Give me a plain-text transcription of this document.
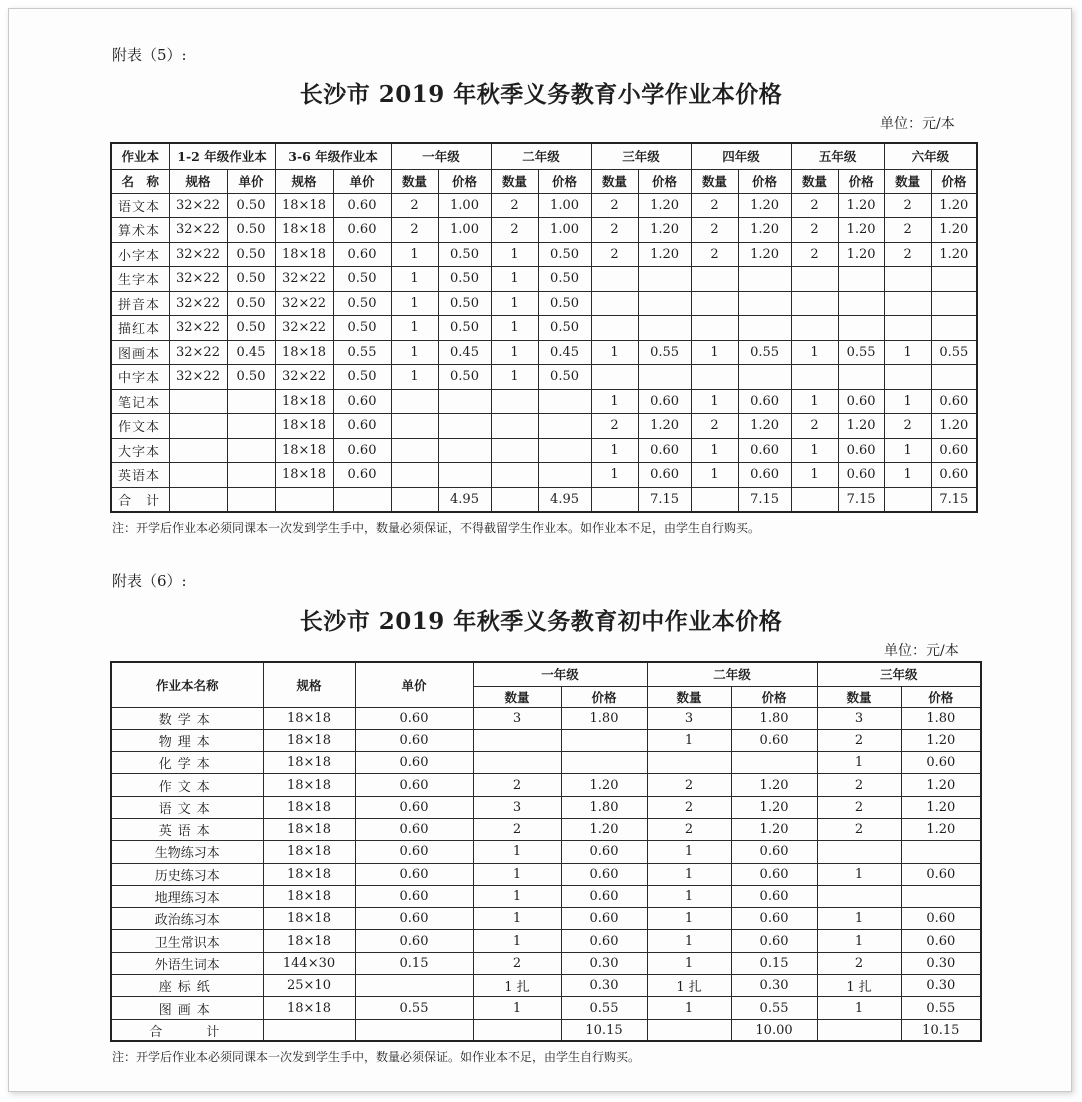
附表（5）:
长沙市 2019 年秋季义务教育小学作业本价格
单位：元/本
作业本	1-2 年级作业本		3-6 年级作业本		一年级		二年级		三年级		四年级		五年级		六年级	
名　称	规格	单价	规格	单价	数量	价格	数量	价格	数量	价格	数量	价格	数量	价格	数量	价格
语文本	32×22	0.50	18×18	0.60	2	1.00	2	1.00	2	1.20	2	1.20	2	1.20	2	1.20
算术本	32×22	0.50	18×18	0.60	2	1.00	2	1.00	2	1.20	2	1.20	2	1.20	2	1.20
小字本	32×22	0.50	18×18	0.60	1	0.50	1	0.50	2	1.20	2	1.20	2	1.20	2	1.20
生字本	32×22	0.50	32×22	0.50	1	0.50	1	0.50								
拼音本	32×22	0.50	32×22	0.50	1	0.50	1	0.50								
描红本	32×22	0.50	32×22	0.50	1	0.50	1	0.50								
图画本	32×22	0.45	18×18	0.55	1	0.45	1	0.45	1	0.55	1	0.55	1	0.55	1	0.55
中字本	32×22	0.50	32×22	0.50	1	0.50	1	0.50								
笔记本			18×18	0.60					1	0.60	1	0.60	1	0.60	1	0.60
作文本			18×18	0.60					2	1.20	2	1.20	2	1.20	2	1.20
大字本			18×18	0.60					1	0.60	1	0.60	1	0.60	1	0.60
英语本			18×18	0.60					1	0.60	1	0.60	1	0.60	1	0.60
合　计						4.95		4.95		7.15		7.15		7.15		7.15
注：开学后作业本必须同课本一次发到学生手中，数量必须保证，不得截留学生作业本。如作业本不足，由学生自行购买。
附表（6）:
长沙市 2019 年秋季义务教育初中作业本价格
单位：元/本
作业本名称	规格	单价	一年级		二年级		三年级	
			数量	价格	数量	价格	数量	价格
数学本	18×18	0.60	3	1.80	3	1.80	3	1.80
物理本	18×18	0.60			1	0.60	2	1.20
化学本	18×18	0.60					1	0.60
作文本	18×18	0.60	2	1.20	2	1.20	2	1.20
语文本	18×18	0.60	3	1.80	2	1.20	2	1.20
英语本	18×18	0.60	2	1.20	2	1.20	2	1.20
生物练习本	18×18	0.60	1	0.60	1	0.60		
历史练习本	18×18	0.60	1	0.60	1	0.60	1	0.60
地理练习本	18×18	0.60	1	0.60	1	0.60		
政治练习本	18×18	0.60	1	0.60	1	0.60	1	0.60
卫生常识本	18×18	0.60	1	0.60	1	0.60	1	0.60
外语生词本	144×30	0.15	2	0.30	1	0.15	2	0.30
座标纸	25×10		1 扎	0.30	1 扎	0.30	1 扎	0.30
图画本	18×18	0.55	1	0.55	1	0.55	1	0.55
合　　计				10.15		10.00		10.15
注：开学后作业本必须同课本一次发到学生手中，数量必须保证。如作业本不足，由学生自行购买。
